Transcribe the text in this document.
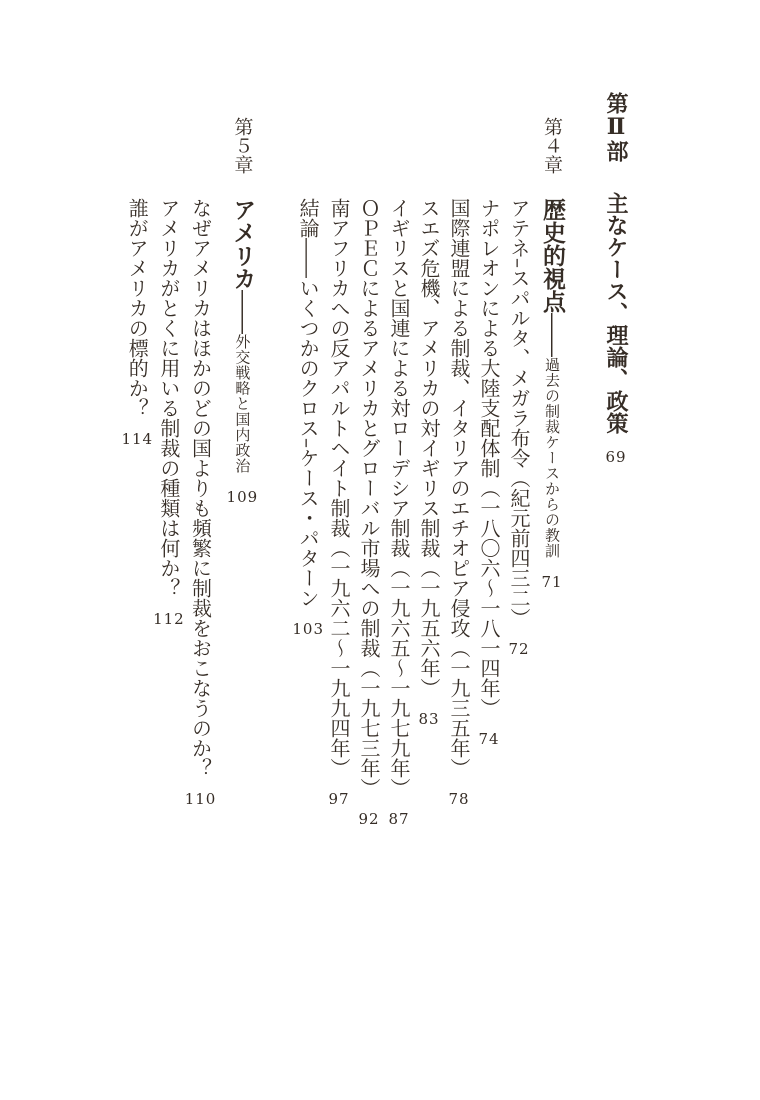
第Ⅱ部主なケース、理論、政策69
第４章歴史的視点――過去の制裁ケースからの教訓71
アテネ–スパルタ、メガラ布令（紀元前四三二）72
ナポレオンによる大陸支配体制（一八〇六〜一八一四年）74
国際連盟による制裁、イタリアのエチオピア侵攻（一九三五年）78
スエズ危機、アメリカの対イギリス制裁（一九五六年）83
イギリスと国連による対ローデシア制裁（一九六五〜一九七九年）87
ＯＰＥＣによるアメリカとグローバル市場への制裁（一九七三年）92
南アフリカへの反アパルトヘイト制裁（一九六二〜一九九四年）97
結論――いくつかのクロス–ケース・パターン103
第５章アメリカ――外交戦略と国内政治109
なぜアメリカはほかのどの国よりも頻繁に制裁をおこなうのか？110
アメリカがとくに用いる制裁の種類は何か？112
誰がアメリカの標的か？114
